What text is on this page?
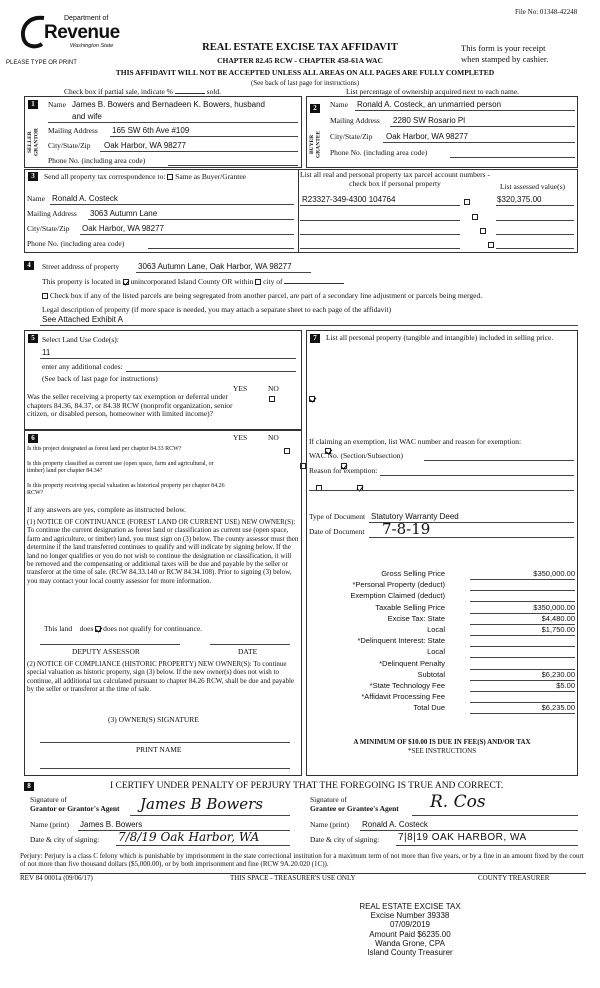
File No: 01348-42248
Department of
Revenue
Washington State
PLEASE TYPE OR PRINT
REAL ESTATE EXCISE TAX AFFIDAVIT
CHAPTER 82.45 RCW - CHAPTER 458-61A WAC
This form is your receipt
when stamped by cashier.
THIS AFFIDAVIT WILL NOT BE ACCEPTED UNLESS ALL AREAS ON ALL PAGES ARE FULLY COMPLETED
(See back of last page for instructions)
Check box if partial sale, indicate %	sold.	List percentage of ownership acquired next to each name.
1
SELLER GRANTOR
Name James B. Bowers and Bernadeen K. Bowers, husband
and wife
Mailing Address 165 SW 6th Ave #109
City/State/Zip Oak Harbor, WA 98277
Phone No. (including area code)
2
BUYER GRANTEE
Name Ronald A. Costeck, an unmarried person
Mailing Address 2280 SW Rosario Pl
City/State/Zip Oak Harbor, WA 98277
Phone No. (including area code)
3	Send all property tax correspondence to: Same as Buyer/Grantee
Name Ronald A. Costeck
Mailing Address 3063 Autumn Lane
City/State/Zip Oak Harbor, WA 98277
Phone No. (including area code)
List all real and personal property tax parcel account numbers - check box if personal property	List assessed value(s)
R23327-349-4300 104764	$320,375.00

4	Street address of property 3063 Autumn Lane, Oak Harbor, WA 98277
This property is located in unincorporated Island County OR within city of
Check box if any of the listed parcels are being segregated from another parcel, are part of a secondary line adjustment or parcels being merged.
Legal description of property (if more space is needed, you may attach a separate sheet to each page of the affidavit)
See Attached Exhibit A
5 Select Land Use Code(s):
11
enter any additional codes:
(See back of last page for instructions)
YES	NO
Was the seller receiving a property tax exemption or deferral under chapters 84.36, 84.37, or 84.38 RCW (nonprofit organization, senior citizen, or disabled person, homeowner with limited income)?

6	YES	NO
Is this project designated as forest land per chapter 84.33 RCW?

Is this property classified as current use (open space, farm and agricultural, or timber) land per chapter 84.34?

Is this property receiving special valuation as historical property per chapter 84.26 RCW?

If any answers are yes, complete as instructed below.
(1) NOTICE OF CONTINUANCE (FOREST LAND OR CURRENT USE) NEW OWNER(S): To continue the current designation as forest land or classification as current use (open space, farm and agriculture, or timber) land, you must sign on (3) below. The county assessor must then determine if the land transferred continues to qualify and will indicate by signing below. If the land no longer qualifies or you do not wish to continue the designation or classification, it will be removed and the compensating or additional taxes will be due and payable by the seller or transferor at the time of sale. (RCW 84.33.140 or RCW 84.34.108). Prior to signing (3) below, you may contact your local county assessor for more information.
This land does does not qualify for continuance.
DEPUTY ASSESSOR	DATE
(2) NOTICE OF COMPLIANCE (HISTORIC PROPERTY) NEW OWNER(S): To continue special valuation as historic property, sign (3) below. If the new owner(s) does not wish to continue, all additional tax calculated pursuant to chapter 84.26 RCW, shall be due and payable by the seller or transferor at the time of sale.
(3) OWNER(S) SIGNATURE
PRINT NAME
7	List all personal property (tangible and intangible) included in selling price.
If claiming an exemption, list WAC number and reason for exemption:
WAC No. (Section/Subsection)
Reason for exemption:
Type of Document Statutory Warranty Deed
Date of Document 7-8-19
Gross Selling Price	$350,000.00
*Personal Property (deduct)
Exemption Claimed (deduct)
Taxable Selling Price	$350,000.00
Excise Tax: State	$4,480.00
Local	$1,750.00
*Delinquent Interest: State
Local
*Delinquent Penalty
Subtotal	$6,230.00
*State Technology Fee	$5.00
*Affidavit Processing Fee
Total Due	$6,235.00
A MINIMUM OF $10.00 IS DUE IN FEE(S) AND/OR TAX
*SEE INSTRUCTIONS
8	I CERTIFY UNDER PENALTY OF PERJURY THAT THE FOREGOING IS TRUE AND CORRECT.
Signature of
Grantor or Grantor's Agent James B Bowers
Name (print) James B. Bowers
Date & city of signing: 7/8/19 Oak Harbor, WA
Signature of
Grantee or Grantee's Agent R. Cos
Name (print) Ronald A. Costeck
Date & city of signing: 7|8|19 OAK HARBOR, WA
Perjury: Perjury is a class C felony which is punishable by imprisonment in the state correctional institution for a maximum term of not more than five years, or by a fine in an amount fixed by the court of not more than five thousand dollars ($5,000.00), or by both imprisonment and fine (RCW 9A.20.020 (1C)).
REV 84 0001a (09/06/17)	THIS SPACE - TREASURER'S USE ONLY	COUNTY TREASURER
REAL ESTATE EXCISE TAX
Excise Number 39338
07/09/2019
Amount Paid $6235.00
Wanda Grone, CPA
Island County Treasurer
